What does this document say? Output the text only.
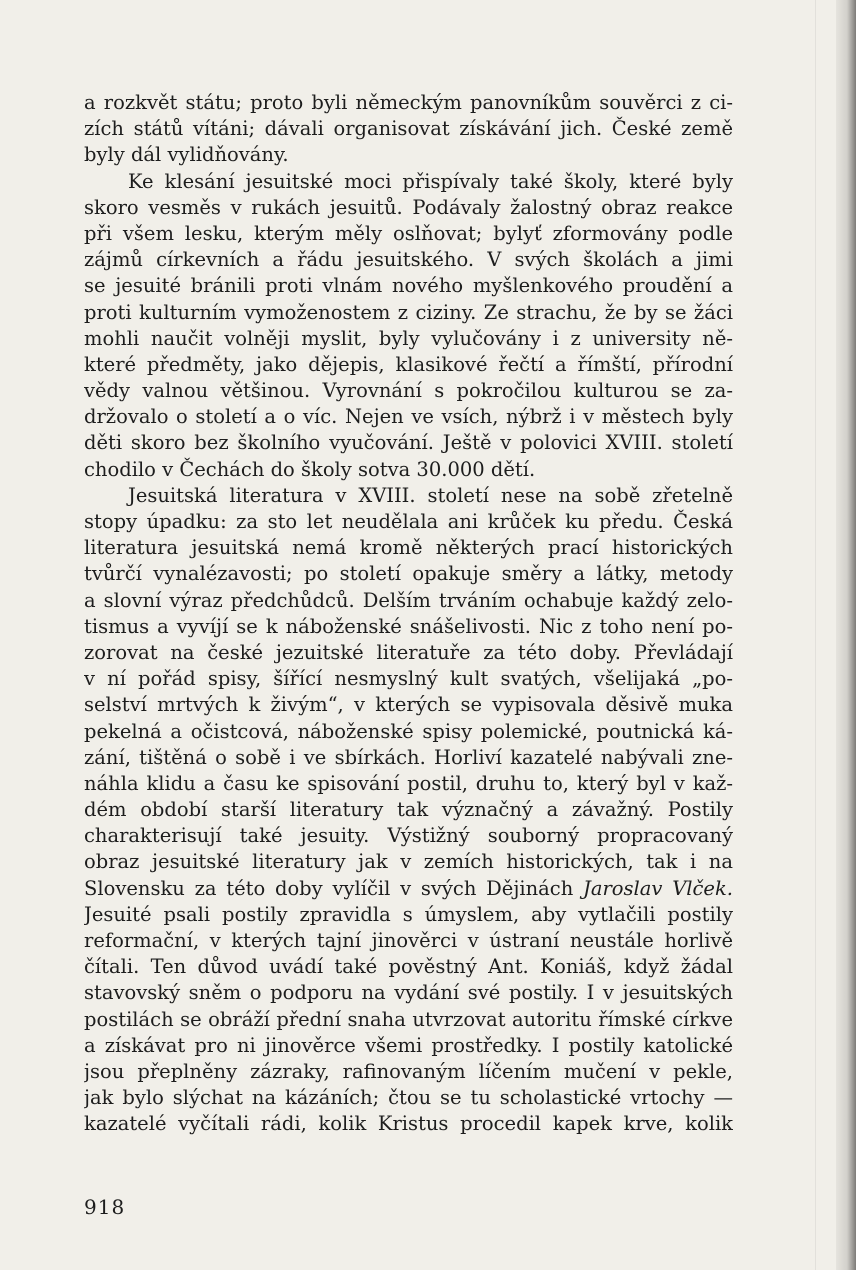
a rozkvět státu; proto byli německým panovníkům souvěrci z ci-
zích států vítáni; dávali organisovat získávání jich. České země
byly dál vylidňovány.
Ke klesání jesuitské moci přispívaly také školy, které byly
skoro vesměs v rukách jesuitů. Podávaly žalostný obraz reakce
při všem lesku, kterým měly oslňovat; bylyť zformovány podle
zájmů církevních a řádu jesuitského. V svých školách a jimi
se jesuité bránili proti vlnám nového myšlenkového proudění a
proti kulturním vymoženostem z ciziny. Ze strachu, že by se žáci
mohli naučit volněji myslit, byly vylučovány i z university ně-
které předměty, jako dějepis, klasikové řečtí a římští, přírodní
vědy valnou většinou. Vyrovnání s pokročilou kulturou se za-
držovalo o století a o víc. Nejen ve vsích, nýbrž i v městech byly
děti skoro bez školního vyučování. Ještě v polovici XVIII. století
chodilo v Čechách do školy sotva 30.000 dětí.
Jesuitská literatura v XVIII. století nese na sobě zřetelně
stopy úpadku: za sto let neudělala ani krůček ku předu. Česká
literatura jesuitská nemá kromě některých prací historických
tvůrčí vynalézavosti; po století opakuje směry a látky, metody
a slovní výraz předchůdců. Delším trváním ochabuje každý zelo-
tismus a vyvíjí se k náboženské snášelivosti. Nic z toho není po-
zorovat na české jezuitské literatuře za této doby. Převládají
v ní pořád spisy, šířící nesmyslný kult svatých, všelijaká „po-
selství mrtvých k živým“, v kterých se vypisovala děsivě muka
pekelná a očistcová, náboženské spisy polemické, poutnická ká-
zání, tištěná o sobě i ve sbírkách. Horliví kazatelé nabývali zne-
náhla klidu a času ke spisování postil, druhu to, který byl v kaž-
dém období starší literatury tak význačný a závažný. Postily
charakterisují také jesuity. Výstižný souborný propracovaný
obraz jesuitské literatury jak v zemích historických, tak i na
Slovensku za této doby vylíčil v svých Dějinách Jaroslav Vlček.
Jesuité psali postily zpravidla s úmyslem, aby vytlačili postily
reformační, v kterých tajní jinověrci v ústraní neustále horlivě
čítali. Ten důvod uvádí také pověstný Ant. Koniáš, když žádal
stavovský sněm o podporu na vydání své postily. I v jesuitských
postilách se obráží přední snaha utvrzovat autoritu římské církve
a získávat pro ni jinověrce všemi prostředky. I postily katolické
jsou přeplněny zázraky, rafinovaným líčením mučení v pekle,
jak bylo slýchat na kázáních; čtou se tu scholastické vrtochy —
kazatelé vyčítali rádi, kolik Kristus procedil kapek krve, kolik
918
